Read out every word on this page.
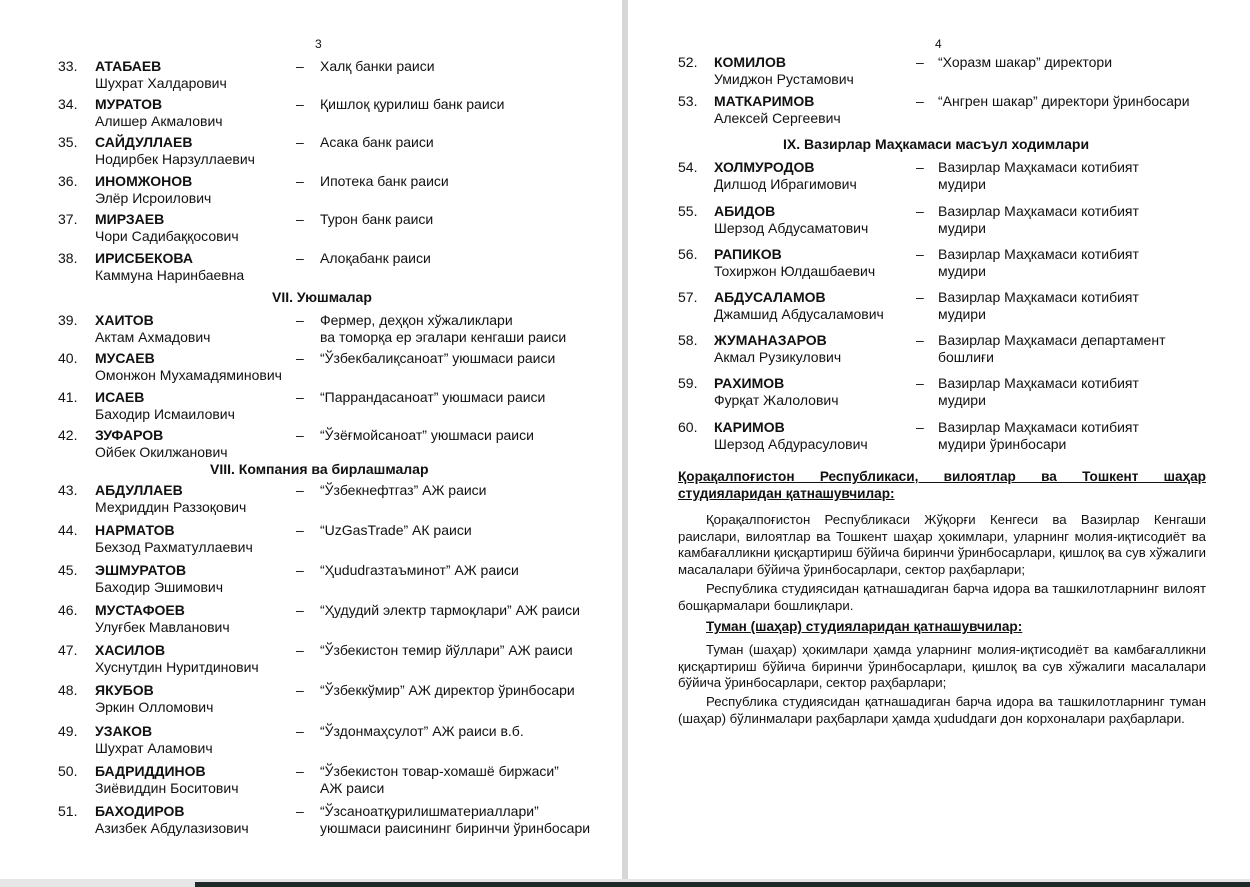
3
33. АТАБАЕВ
Шухрат Халдарович
– Халқ банки раиси
34. МУРАТОВ
Алишер Акмалович
– Қишлоқ қурилиш банк раиси
35. САЙДУЛЛАЕВ
Нодирбек Нарзуллаевич
– Асака банк раиси
36. ИНОМЖОНОВ
Элёр Исроилович
– Ипотека банк раиси
37. МИРЗАЕВ
Чори Садибаққосович
– Турон банк раиси
38. ИРИСБЕКОВА
Каммуна Наринбаевна
– Алоқабанк раиси
39. ХАИТОВ
Актам Ахмадович
– Фермер, деҳқон хўжаликлари
ва томорқа ер эгалари кенгаши раиси
40. МУСАЕВ
Омонжон Мухамадяминович
– “Ўзбекбалиқсаноат” уюшмаси раиси
41. ИСАЕВ
Баходир Исмаилович
– “Паррандасаноат” уюшмаси раиси
42. ЗУФАРОВ
Ойбек Окилжанович
– “Ўзёғмойсаноат” уюшмаси раиси
43. АБДУЛЛАЕВ
Меҳриддин Раззоқович
– “Ўзбекнефтгаз” АЖ раиси
44. НАРМАТОВ
Бехзод Рахматуллаевич
– “UzGasTrade” АК раиси
45. ЭШМУРАТОВ
Баходир Эшимович
– “Ҳududгазтаъминот” АЖ раиси
46. МУСТАФОЕВ
Улуғбек Мавланович
– “Ҳудудий электр тармоқлари” АЖ раиси
47. ХАСИЛОВ
Хуснутдин Нуритдинович
– “Ўзбекистон темир йўллари” АЖ раиси
48. ЯКУБОВ
Эркин Олломович
– “Ўзбеккўмир” АЖ директор ўринбосари
49. УЗАКОВ
Шухрат Аламович
– “Ўздонмаҳсулот” АЖ раиси в.б.
50. БАДРИДДИНОВ
Зиёвиддин Боситович
– “Ўзбекистон товар-хомашё биржаси”
АЖ раиси
51. БАХОДИРОВ
Азизбек Абдулазизович
– “Ўзсаноатқурилишматериаллари”
уюшмаси раисининг биринчи ўринбосари
VII. Уюшмалар
VIII. Компания ва бирлашмалар
4
52. КОМИЛОВ
Умиджон Рустамович
– “Хоразм шакар” директори
53. МАТКАРИМОВ
Алексей Сергеевич
– “Ангрен шакар” директори ўринбосари
54. ХОЛМУРОДОВ
Дилшод Ибрагимович
– Вазирлар Маҳкамаси котибият
мудири
55. АБИДОВ
Шерзод Абдусаматович
– Вазирлар Маҳкамаси котибият
мудири
56. РАПИКОВ
Тохиржон Юлдашбаевич
– Вазирлар Маҳкамаси котибият
мудири
57. АБДУСАЛАМОВ
Джамшид Абдусаламович
– Вазирлар Маҳкамаси котибият
мудири
58. ЖУМАНАЗАРОВ
Акмал Рузикулович
– Вазирлар Маҳкамаси департамент
бошлиғи
59. РАХИМОВ
Фурқат Жалолович
– Вазирлар Маҳкамаси котибият
мудири
60. КАРИМОВ
Шерзод Абдурасулович
– Вазирлар Маҳкамаси котибият
мудири ўринбосари
IX. Вазирлар Маҳкамаси масъул ходимлари
Қорақалпоғистон Республикаси, вилоятлар ва Тошкент шаҳар
студияларидан қатнашувчилар:
Қорақалпоғистон Республикаси Жўқорғи Кенгеси ва Вазирлар Кенгаши раислари, вилоятлар ва Тошкент шаҳар ҳокимлари, уларнинг молия-иқтисодиёт ва камбағалликни қисқартириш бўйича биринчи ўринбосарлари, қишлоқ ва сув хўжалиги масалалари бўйича ўринбосарлари, сектор раҳбарлари;
Республика студиясидан қатнашадиган барча идора ва ташкилотларнинг вилоят бошқармалари бошлиқлари.
Туман (шаҳар) студияларидан қатнашувчилар:
Туман (шаҳар) ҳокимлари ҳамда уларнинг молия-иқтисодиёт ва камбағалликни қисқартириш бўйича биринчи ўринбосарлари, қишлоқ ва сув хўжалиги масалалари бўйича ўринбосарлари, сектор раҳбарлари;
Республика студиясидан қатнашадиган барча идора ва ташкилотларнинг туман (шаҳар) бўлинмалари раҳбарлари ҳамда ҳududдаги дон корхоналари раҳбарлари.
